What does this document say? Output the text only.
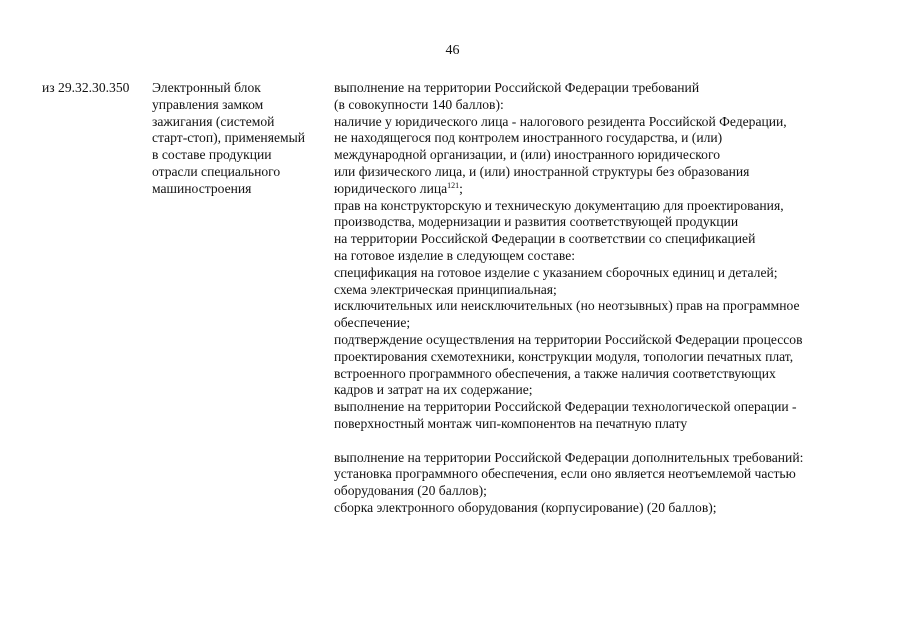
46
из 29.32.30.350	Электронный блок
управления замком
зажигания (системой
старт-стоп), применяемый
в составе продукции
отрасли специального
машиностроения
выполнение на территории Российской Федерации требований
(в совокупности 140 баллов):
наличие у юридического лица - налогового резидента Российской Федерации,
не находящегося под контролем иностранного государства, и (или)
международной организации, и (или) иностранного юридического
или физического лица, и (или) иностранной структуры без образования
юридического лица$^{121}$;
прав на конструкторскую и техническую документацию для проектирования,
производства, модернизации и развития соответствующей продукции
на территории Российской Федерации в соответствии со спецификацией
на готовое изделие в следующем составе:
спецификация на готовое изделие с указанием сборочных единиц и деталей;
схема электрическая принципиальная;
исключительных или неисключительных (но неотзывных) прав на программное
обеспечение;
подтверждение осуществления на территории Российской Федерации процессов
проектирования схемотехники, конструкции модуля, топологии печатных плат,
встроенного программного обеспечения, а также наличия соответствующих
кадров и затрат на их содержание;
выполнение на территории Российской Федерации технологической операции -
поверхностный монтаж чип-компонентов на печатную плату
выполнение на территории Российской Федерации дополнительных требований:
установка программного обеспечения, если оно является неотъемлемой частью
оборудования (20 баллов);
сборка электронного оборудования (корпусирование) (20 баллов);
